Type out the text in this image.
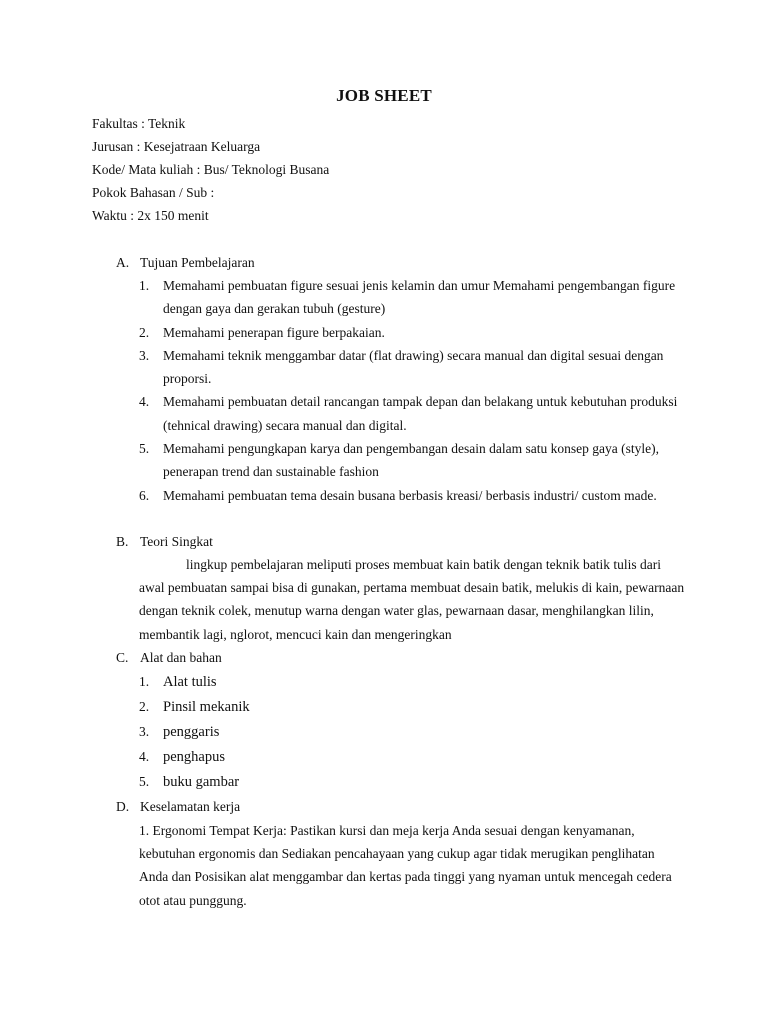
JOB SHEET
Fakultas : Teknik
Jurusan : Kesejatraan Keluarga
Kode/ Mata kuliah : Bus/ Teknologi Busana
Pokok Bahasan / Sub :
Waktu : 2x 150 menit
A. Tujuan Pembelajaran
1. Memahami pembuatan figure sesuai jenis kelamin dan umur Memahami pengembangan figure dengan gaya dan gerakan tubuh (gesture)
2. Memahami penerapan figure berpakaian.
3. Memahami teknik menggambar datar (flat drawing) secara manual dan digital sesuai dengan proporsi.
4. Memahami pembuatan detail rancangan tampak depan dan belakang untuk kebutuhan produksi (tehnical drawing) secara manual dan digital.
5. Memahami pengungkapan karya dan pengembangan desain dalam satu konsep gaya (style), penerapan trend dan sustainable fashion
6. Memahami pembuatan tema desain busana berbasis kreasi/ berbasis industri/ custom made.
B. Teori Singkat
lingkup pembelajaran meliputi proses membuat kain batik dengan teknik batik tulis dari awal pembuatan sampai bisa di gunakan, pertama membuat desain batik, melukis di kain, pewarnaan dengan teknik colek, menutup warna dengan water glas, pewarnaan dasar, menghilangkan lilin, membantik lagi, nglorot, mencuci kain dan mengeringkan
C. Alat dan bahan
1. Alat tulis
2. Pinsil mekanik
3. penggaris
4. penghapus
5. buku gambar
D. Keselamatan kerja
1. Ergonomi Tempat Kerja: Pastikan kursi dan meja kerja Anda sesuai dengan kenyamanan, kebutuhan ergonomis dan Sediakan pencahayaan yang cukup agar tidak merugikan penglihatan Anda dan Posisikan alat menggambar dan kertas pada tinggi yang nyaman untuk mencegah cedera otot atau punggung.
